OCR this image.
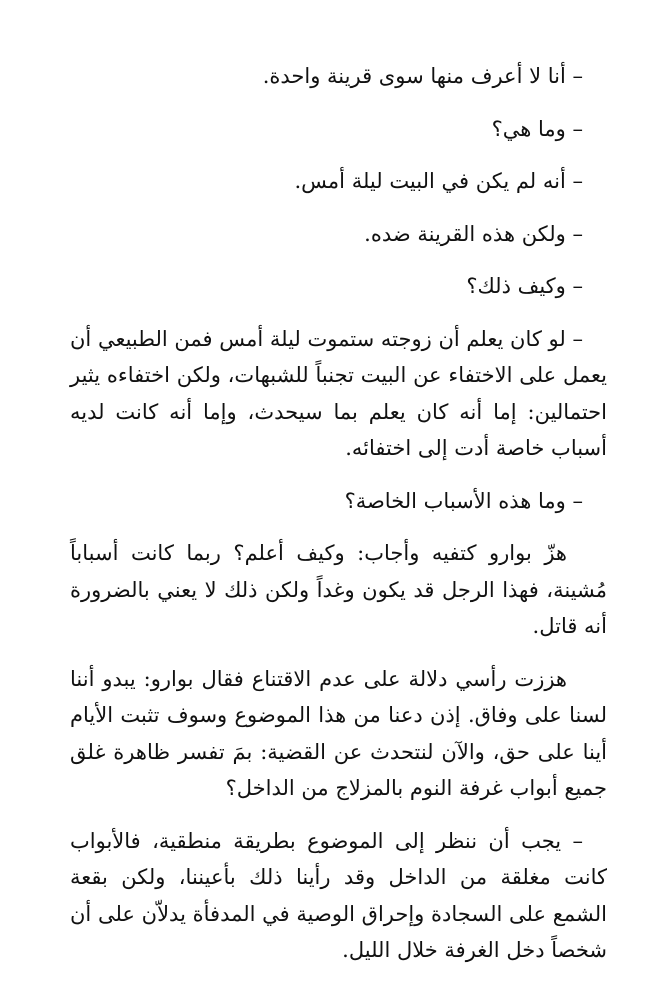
– أنا لا أعرف منها سوى قرينة واحدة.

– وما هي؟

– أنه لم يكن في البيت ليلة أمس.

– ولكن هذه القرينة ضده.

– وكيف ذلك؟

– لو كان يعلم أن زوجته ستموت ليلة أمس فمن الطبيعي أن يعمل على الاختفاء عن البيت تجنباً للشبهات، ولكن اختفاءه يثير احتمالين: إما أنه كان يعلم بما سيحدث، وإما أنه كانت لديه أسباب خاصة أدت إلى اختفائه.

– وما هذه الأسباب الخاصة؟

هزّ بوارو كتفيه وأجاب: وكيف أعلم؟ ربما كانت أسباباً مُشينة، فهذا الرجل قد يكون وغداً ولكن ذلك لا يعني بالضرورة أنه قاتل.

هززت رأسي دلالة على عدم الاقتناع فقال بوارو: يبدو أننا لسنا على وفاق. إذن دعنا من هذا الموضوع وسوف تثبت الأيام أينا على حق، والآن لنتحدث عن القضية: بمَ تفسر ظاهرة غلق جميع أبواب غرفة النوم بالمزلاج من الداخل؟

– يجب أن ننظر إلى الموضوع بطريقة منطقية، فالأبواب كانت مغلقة من الداخل وقد رأينا ذلك بأعيننا، ولكن بقعة الشمع على السجادة وإحراق الوصية في المدفأة يدلاّن على أن شخصاً دخل الغرفة خلال الليل.
